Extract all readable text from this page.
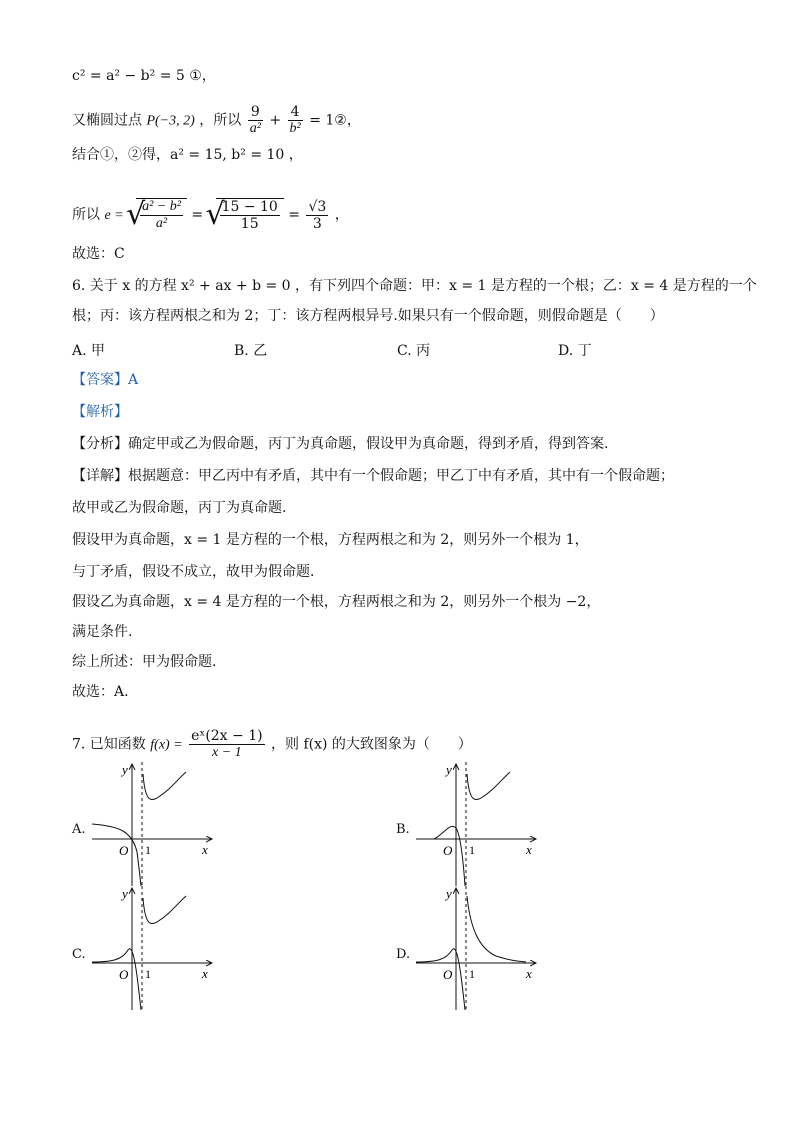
c² = a² − b² = 5 ①，
又椭圆过点 P(−3, 2) ，所以 $\frac{9}{\text{a²}} + \frac{4}{\text{b²}}$ = 1②，
结合①，②得，a² = 15, b² = 10 ，
所以 e = √ $\frac{\text{a² − b²}}{\text{a²}}$ = √ $\frac{15 - 10}{15} = \frac{√3}{3}$ ，
故选：C
6. 关于 x 的方程 x² + ax + b = 0 ，有下列四个命题：甲：x = 1 是方程的一个根；乙：x = 4 是方程的一个
根；丙：该方程两根之和为 2；丁：该方程两根异号.如果只有一个假命题，则假命题是（　　）
A. 甲	B. 乙	C. 丙	D. 丁
【答案】A
【解析】
【分析】确定甲或乙为假命题，丙丁为真命题，假设甲为真命题，得到矛盾，得到答案.
【详解】根据题意：甲乙丙中有矛盾，其中有一个假命题；甲乙丁中有矛盾，其中有一个假命题；
故甲或乙为假命题，丙丁为真命题.
假设甲为真命题，x = 1 是方程的一个根，方程两根之和为 2，则另外一个根为 1，
与丁矛盾，假设不成立，故甲为假命题.
假设乙为真命题，x = 4 是方程的一个根，方程两根之和为 2，则另外一个根为 −2，
满足条件.
综上所述：甲为假命题.
故选：A.
7. 已知函数 $f(x) = \frac{\text{eˣ(2x − 1)}}{x - 1}$ ，则 f(x) 的大致图象为（　　）
A.	B.
C.	D.
y
x
O 1
y
x
O 1
y
x
O 1
y
x
O 1
